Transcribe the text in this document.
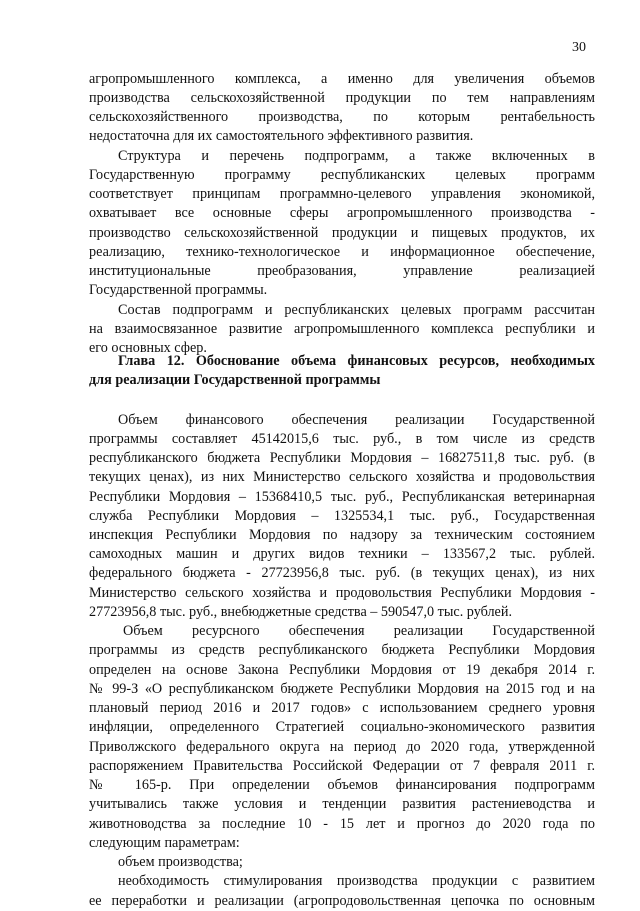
30
агропромышленного комплекса, а именно для увеличения объемов
производства сельскохозяйственной продукции по тем направлениям
сельскохозяйственного производства, по которым рентабельность
недостаточна для их самостоятельного эффективного развития.
Структура и перечень подпрограмм, а также включенных в
Государственную программу республиканских целевых программ
соответствует принципам программно-целевого управления экономикой,
охватывает все основные сферы агропромышленного производства -
производство сельскохозяйственной продукции и пищевых продуктов, их
реализацию, технико-технологическое и информационное обеспечение,
институциональные преобразования, управление реализацией
Государственной программы.
Состав подпрограмм и республиканских целевых программ рассчитан
на взаимосвязанное развитие агропромышленного комплекса республики и
его основных сфер.
Глава 12. Обоснование объема финансовых ресурсов, необходимых
для реализации Государственной программы
Объем финансового обеспечения реализации Государственной
программы составляет 45142015,6 тыс. руб., в том числе из средств
республиканского бюджета Республики Мордовия – 16827511,8 тыс. руб. (в
текущих ценах), из них Министерство сельского хозяйства и продовольствия
Республики Мордовия – 15368410,5 тыс. руб., Республиканская ветеринарная
служба Республики Мордовия – 1325534,1 тыс. руб., Государственная
инспекция Республики Мордовия по надзору за техническим состоянием
самоходных машин и других видов техники – 133567,2 тыс. рублей.
федерального бюджета - 27723956,8 тыс. руб. (в текущих ценах), из них
Министерство сельского хозяйства и продовольствия Республики Мордовия -
27723956,8 тыс. руб., внебюджетные средства – 590547,0 тыс. рублей.
Объем ресурсного обеспечения реализации Государственной
программы из средств республиканского бюджета Республики Мордовия
определен на основе Закона Республики Мордовия от 19 декабря 2014 г.
№ 99-З «О республиканском бюджете Республики Мордовия на 2015 год и на
плановый период 2016 и 2017 годов» с использованием среднего уровня
инфляции, определенного Стратегией социально-экономического развития
Приволжского федерального округа на период до 2020 года, утвержденной
распоряжением Правительства Российской Федерации от 7 февраля 2011 г.
№ 165-р. При определении объемов финансирования подпрограмм
учитывались также условия и тенденции развития растениеводства и
животноводства за последние 10 - 15 лет и прогноз до 2020 года по
следующим параметрам:
объем производства;
необходимость стимулирования производства продукции с развитием
ее переработки и реализации (агропродовольственная цепочка по основным
